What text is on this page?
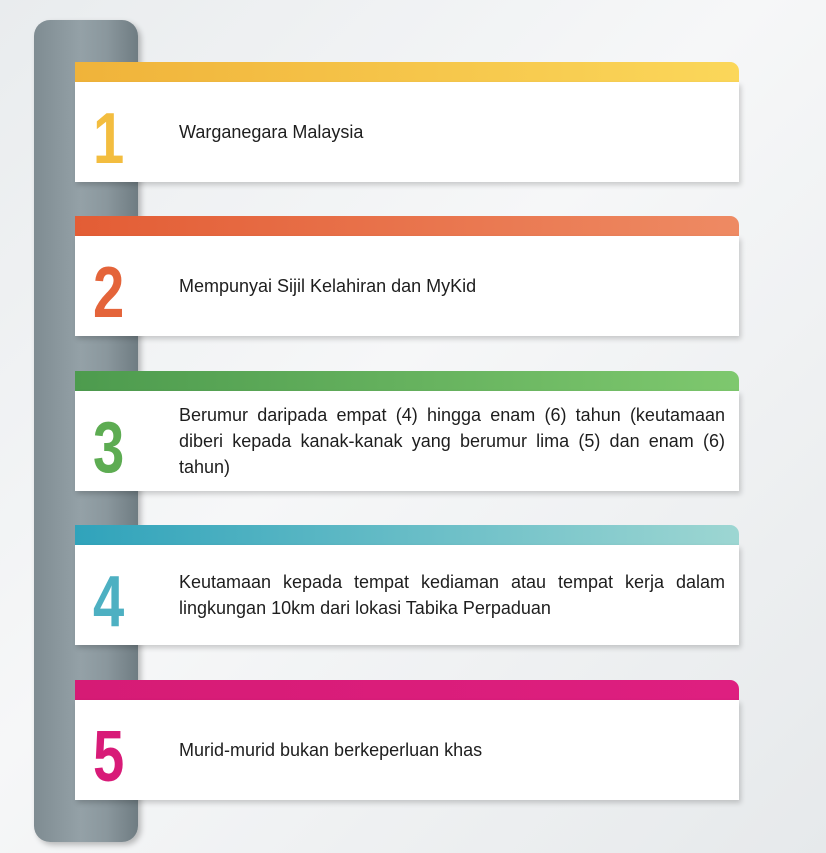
1	Warganegara Malaysia
2	Mempunyai Sijil Kelahiran dan MyKid
3	Berumur daripada empat (4) hingga enam (6) tahun (keutamaan diberi kepada kanak-kanak yang berumur lima (5) dan enam (6) tahun)
4	Keutamaan kepada tempat kediaman atau tempat kerja dalam lingkungan 10km dari lokasi Tabika Perpaduan
5	Murid-murid bukan berkeperluan khas
